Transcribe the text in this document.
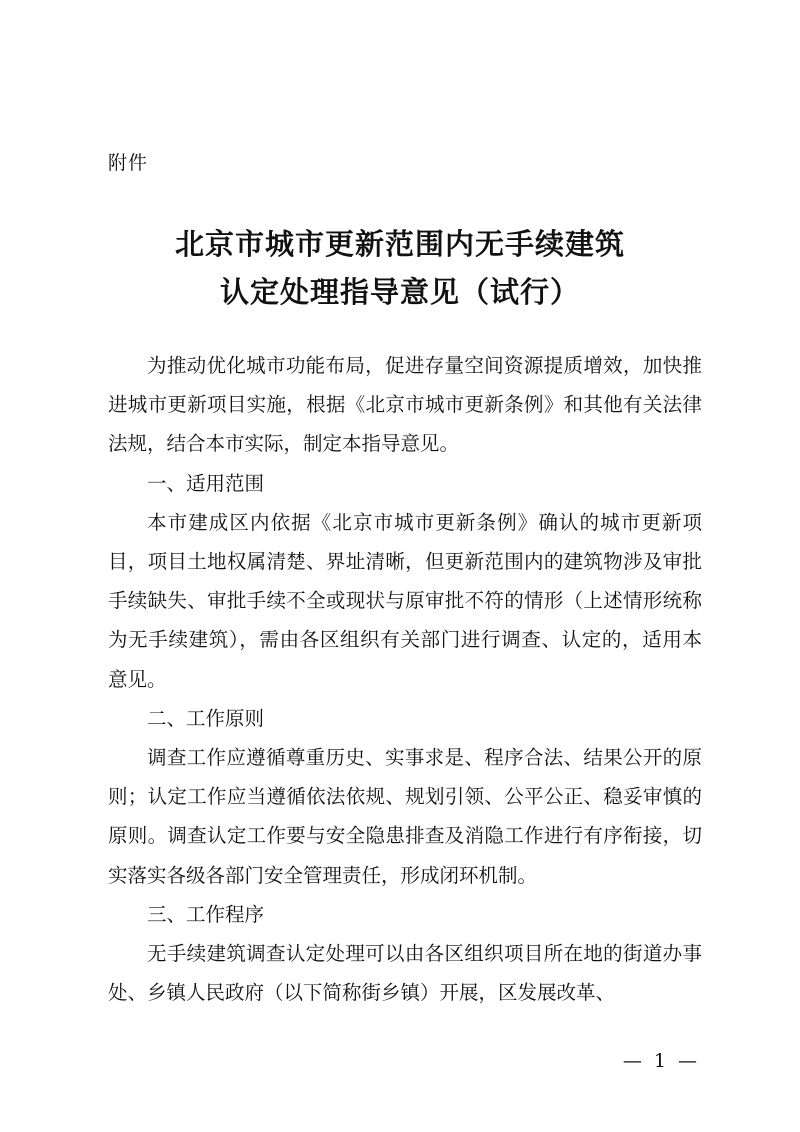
附件
北京市城市更新范围内无手续建筑
认定处理指导意见（试行）

为推动优化城市功能布局，促进存量空间资源提质增效，加快推进城市更新项目实施，根据《北京市城市更新条例》和其他有关法律法规，结合本市实际，制定本指导意见。

一、适用范围

本市建成区内依据《北京市城市更新条例》确认的城市更新项目，项目土地权属清楚、界址清晰，但更新范围内的建筑物涉及审批手续缺失、审批手续不全或现状与原审批不符的情形（上述情形统称为无手续建筑），需由各区组织有关部门进行调查、认定的，适用本意见。

二、工作原则

调查工作应遵循尊重历史、实事求是、程序合法、结果公开的原则；认定工作应当遵循依法依规、规划引领、公平公正、稳妥审慎的原则。调查认定工作要与安全隐患排查及消隐工作进行有序衔接，切实落实各级各部门安全管理责任，形成闭环机制。

三、工作程序

无手续建筑调查认定处理可以由各区组织项目所在地的街道办事处、乡镇人民政府（以下简称街乡镇）开展，区发展改革、

— 1 —
